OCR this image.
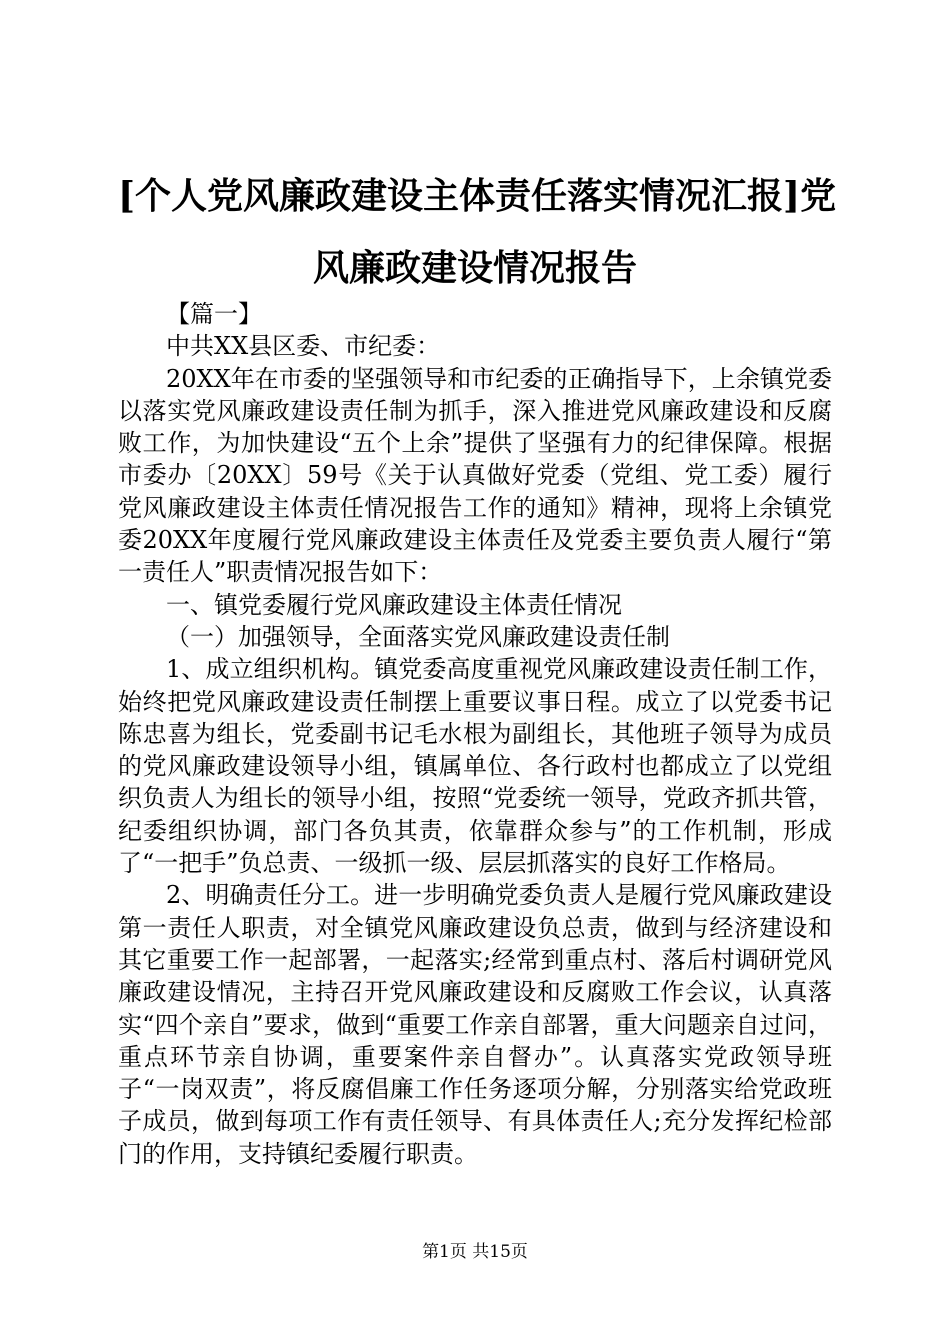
[个人党风廉政建设主体责任落实情况汇报]党
风廉政建设情况报告

【篇一】

中共XX县区委、市纪委：

20XX年在市委的坚强领导和市纪委的正确指导下，上余镇党委以落实党风廉政建设责任制为抓手，深入推进党风廉政建设和反腐败工作，为加快建设“五个上余”提供了坚强有力的纪律保障。根据市委办〔20XX〕59号《关于认真做好党委（党组、党工委）履行党风廉政建设主体责任情况报告工作的通知》精神，现将上余镇党委20XX年度履行党风廉政建设主体责任及党委主要负责人履行“第一责任人”职责情况报告如下：

一、镇党委履行党风廉政建设主体责任情况

（一）加强领导，全面落实党风廉政建设责任制

1、成立组织机构。镇党委高度重视党风廉政建设责任制工作，始终把党风廉政建设责任制摆上重要议事日程。成立了以党委书记陈忠喜为组长，党委副书记毛水根为副组长，其他班子领导为成员的党风廉政建设领导小组，镇属单位、各行政村也都成立了以党组织负责人为组长的领导小组，按照“党委统一领导，党政齐抓共管，纪委组织协调，部门各负其责，依靠群众参与”的工作机制，形成了“一把手”负总责、一级抓一级、层层抓落实的良好工作格局。

2、明确责任分工。进一步明确党委负责人是履行党风廉政建设第一责任人职责，对全镇党风廉政建设负总责，做到与经济建设和其它重要工作一起部署，一起落实;经常到重点村、落后村调研党风廉政建设情况，主持召开党风廉政建设和反腐败工作会议，认真落实“四个亲自”要求，做到“重要工作亲自部署，重大问题亲自过问，重点环节亲自协调，重要案件亲自督办”。认真落实党政领导班子“一岗双责”，将反腐倡廉工作任务逐项分解，分别落实给党政班子成员，做到每项工作有责任领导、有具体责任人;充分发挥纪检部门的作用，支持镇纪委履行职责。

第1页 共15页
